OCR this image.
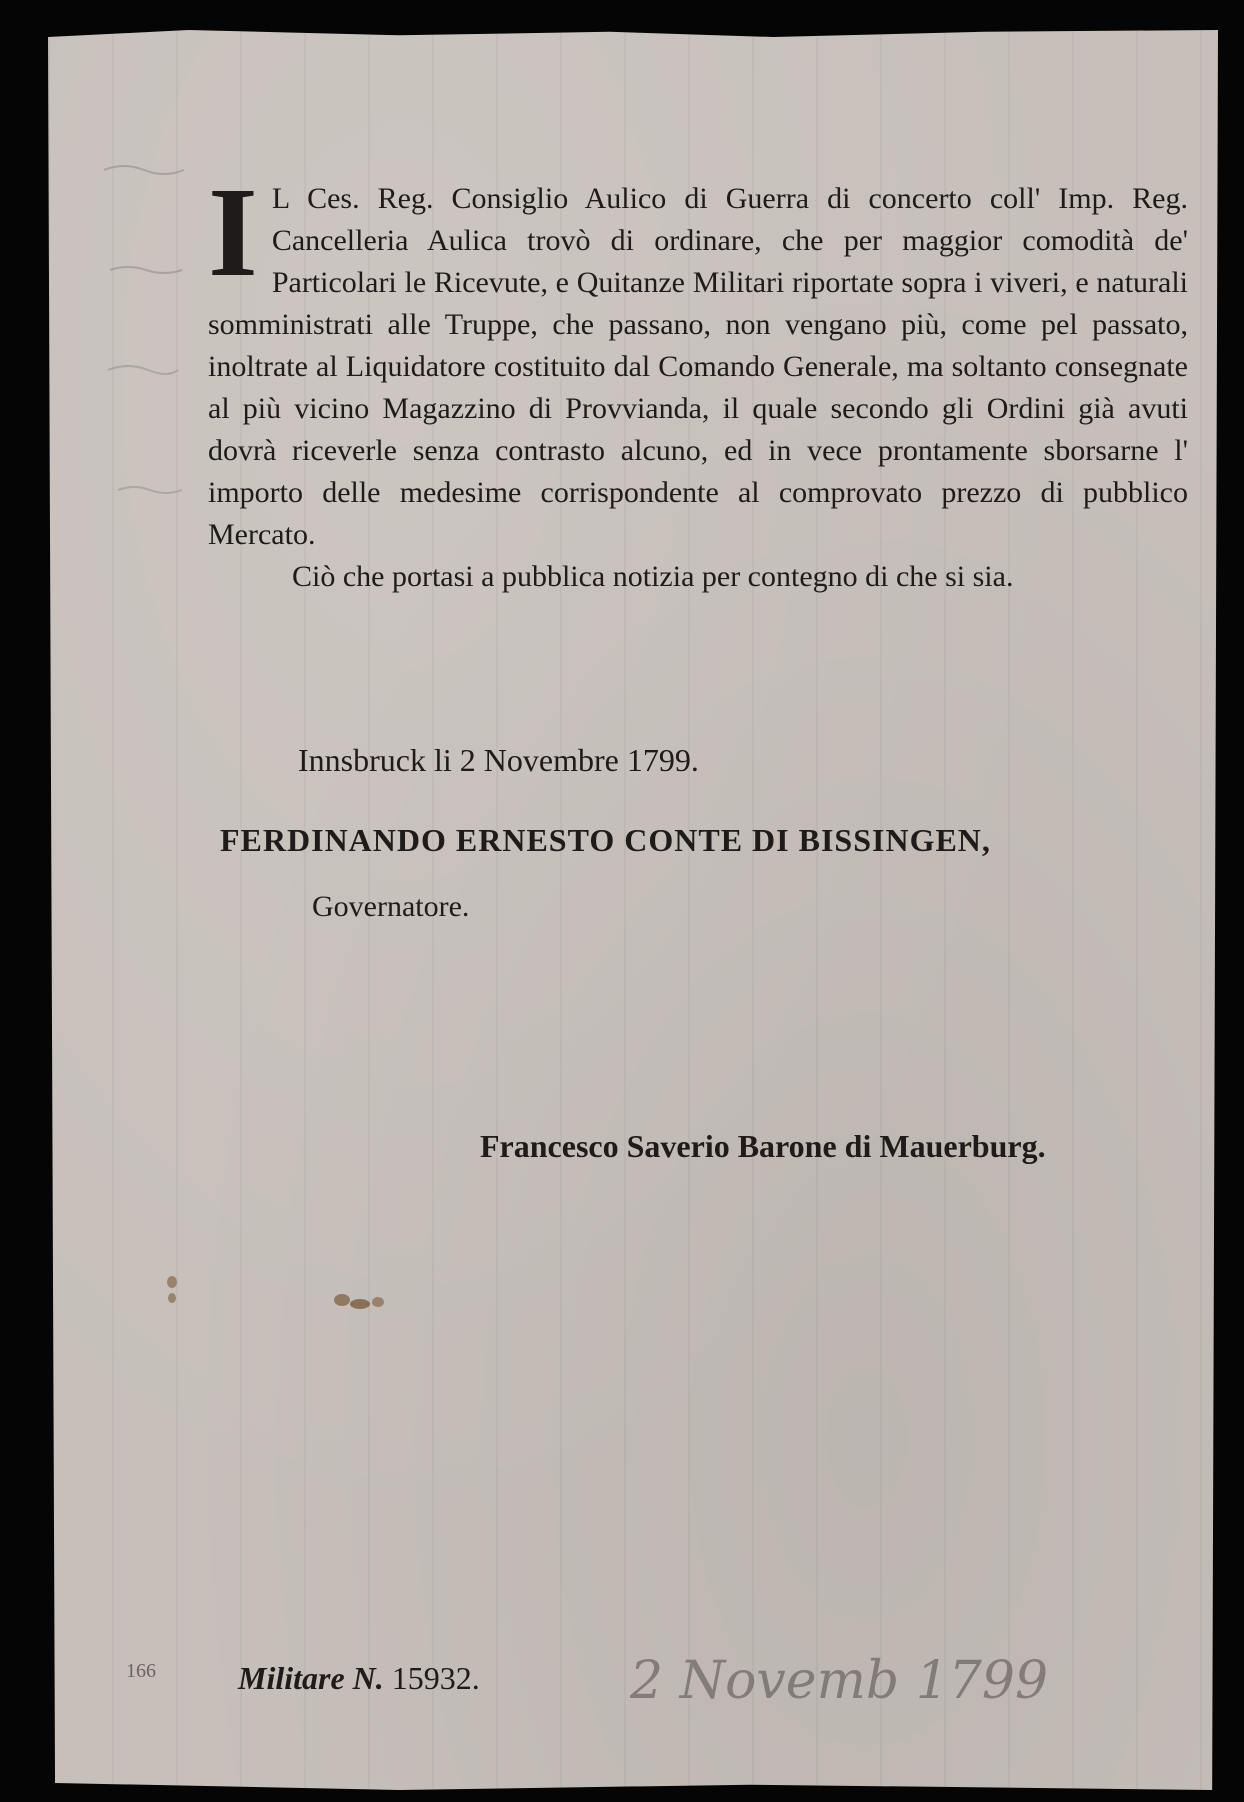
I L Ces. Reg. Consiglio Aulico di Guerra di concerto coll' Imp. Reg. Cancelleria Aulica trovò di ordinare, che per maggior comodità de' Particolari le Ricevute, e Quitanze Militari riportate sopra i viveri, e naturali somministrati alle Truppe, che passano, non vengano più, come pel passato, inoltrate al Liquidatore costituito dal Comando Generale, ma soltanto consegnate al più vicino Magazzino di Provvianda, il quale secondo gli Ordini già avuti dovrà riceverle senza contrasto alcuno, ed in vece prontamente sborsarne l' importo delle medesime corrispondente al comprovato prezzo di pubblico Mercato.

Ciò che portasi a pubblica notizia per contegno di che si sia.

Innsbruck li 2 Novembre 1799.
FERDINANDO ERNESTO CONTE DI BISSINGEN,
Governatore.
Francesco Saverio Barone di Mauerburg.
166	Militare N. 15932.	2 Novemb 1799
